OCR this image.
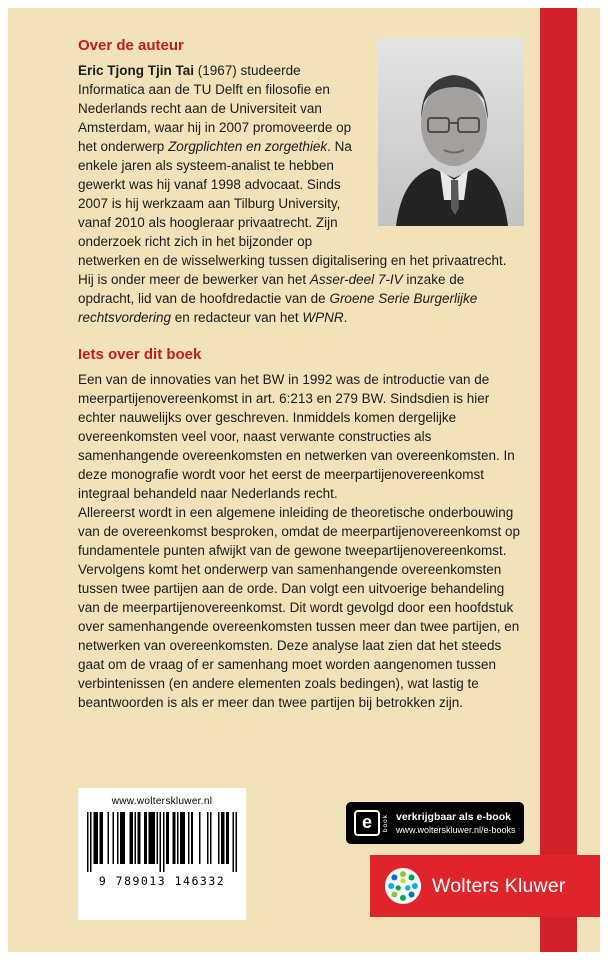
Over de auteur

Eric Tjong Tjin Tai (1967) studeerde Informatica aan de TU Delft en filosofie en Nederlands recht aan de Universiteit van Amsterdam, waar hij in 2007 promoveerde op het onderwerp Zorgplichten en zorgethiek. Na enkele jaren als systeem-analist te hebben gewerkt was hij vanaf 1998 advocaat. Sinds 2007 is hij werkzaam aan Tilburg University, vanaf 2010 als hoogleraar privaatrecht. Zijn onderzoek richt zich in het bijzonder op netwerken en de wisselwerking tussen digitalisering en het privaatrecht. Hij is onder meer de bewerker van het Asser-deel 7-IV inzake de opdracht, lid van de hoofdredactie van de Groene Serie Burgerlijke rechtsvordering en redacteur van het WPNR.

Iets over dit boek

Een van de innovaties van het BW in 1992 was de introductie van de meerpartijenovereenkomst in art. 6:213 en 279 BW. Sindsdien is hier echter nauwelijks over geschreven. Inmiddels komen dergelijke overeenkomsten veel voor, naast verwante constructies als samenhangende overeenkomsten en netwerken van overeenkomsten. In deze monografie wordt voor het eerst de meerpartijenovereenkomst integraal behandeld naar Nederlands recht.

Allereerst wordt in een algemene inleiding de theoretische onderbouwing van de overeenkomst besproken, omdat de meerpartijenovereenkomst op fundamentele punten afwijkt van de gewone tweepartijenovereenkomst. Vervolgens komt het onderwerp van samenhangende overeenkomsten tussen twee partijen aan de orde. Dan volgt een uitvoerige behandeling van de meerpartijenovereenkomst. Dit wordt gevolgd door een hoofdstuk over samenhangende overeenkomsten tussen meer dan twee partijen, en netwerken van overeenkomsten. Deze analyse laat zien dat het steeds gaat om de vraag of er samenhang moet worden aangenomen tussen verbintenissen (en andere elementen zoals bedingen), wat lastig te beantwoorden is als er meer dan twee partijen bij betrokken zijn.

www.wolterskluwer.nl
9 789013 146332
e	book verkrijgbaar als e-book
www.wolterskluwer.nl/e-books
Wolters Kluwer
